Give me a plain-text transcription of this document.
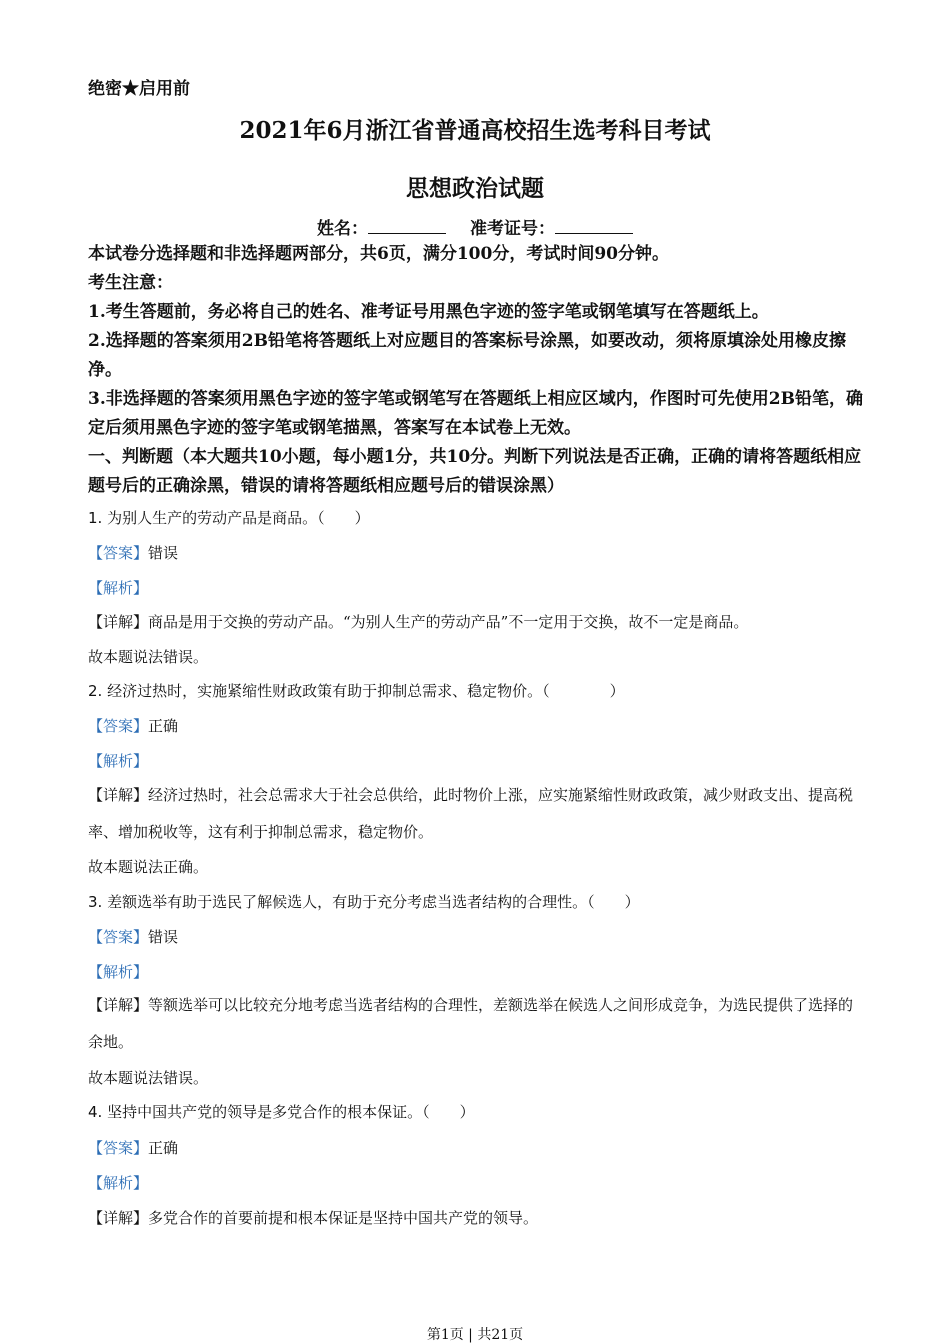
绝密★启用前
2021年6月浙江省普通高校招生选考科目考试
思想政治试题
姓名：	准考证号：
本试卷分选择题和非选择题两部分，共6页，满分100分，考试时间90分钟。
考生注意：
1.考生答题前，务必将自己的姓名、准考证号用黑色字迹的签字笔或钢笔填写在答题纸上。
2.选择题的答案须用2B铅笔将答题纸上对应题目的答案标号涂黑，如要改动，须将原填涂处用橡皮擦净。
3.非选择题的答案须用黑色字迹的签字笔或钢笔写在答题纸上相应区域内，作图时可先使用2B铅笔，确定后须用黑色字迹的签字笔或钢笔描黑，答案写在本试卷上无效。
一、判断题（本大题共10小题，每小题1分，共10分。判断下列说法是否正确，正确的请将答题纸相应题号后的正确涂黑，错误的请将答题纸相应题号后的错误涂黑）
1. 为别人生产的劳动产品是商品。（　　）
【答案】错误
【解析】
【详解】商品是用于交换的劳动产品。“为别人生产的劳动产品”不一定用于交换，故不一定是商品。
故本题说法错误。
2. 经济过热时，实施紧缩性财政政策有助于抑制总需求、稳定物价。（　　　　）
【答案】正确
【解析】
【详解】经济过热时，社会总需求大于社会总供给，此时物价上涨，应实施紧缩性财政政策，减少财政支出、提高税率、增加税收等，这有利于抑制总需求，稳定物价。
故本题说法正确。
3. 差额选举有助于选民了解候选人，有助于充分考虑当选者结构的合理性。（　　）
【答案】错误
【解析】
【详解】等额选举可以比较充分地考虑当选者结构的合理性，差额选举在候选人之间形成竞争，为选民提供了选择的余地。
故本题说法错误。
4. 坚持中国共产党的领导是多党合作的根本保证。（　　）
【答案】正确
【解析】
【详解】多党合作的首要前提和根本保证是坚持中国共产党的领导。
第1页 | 共21页
